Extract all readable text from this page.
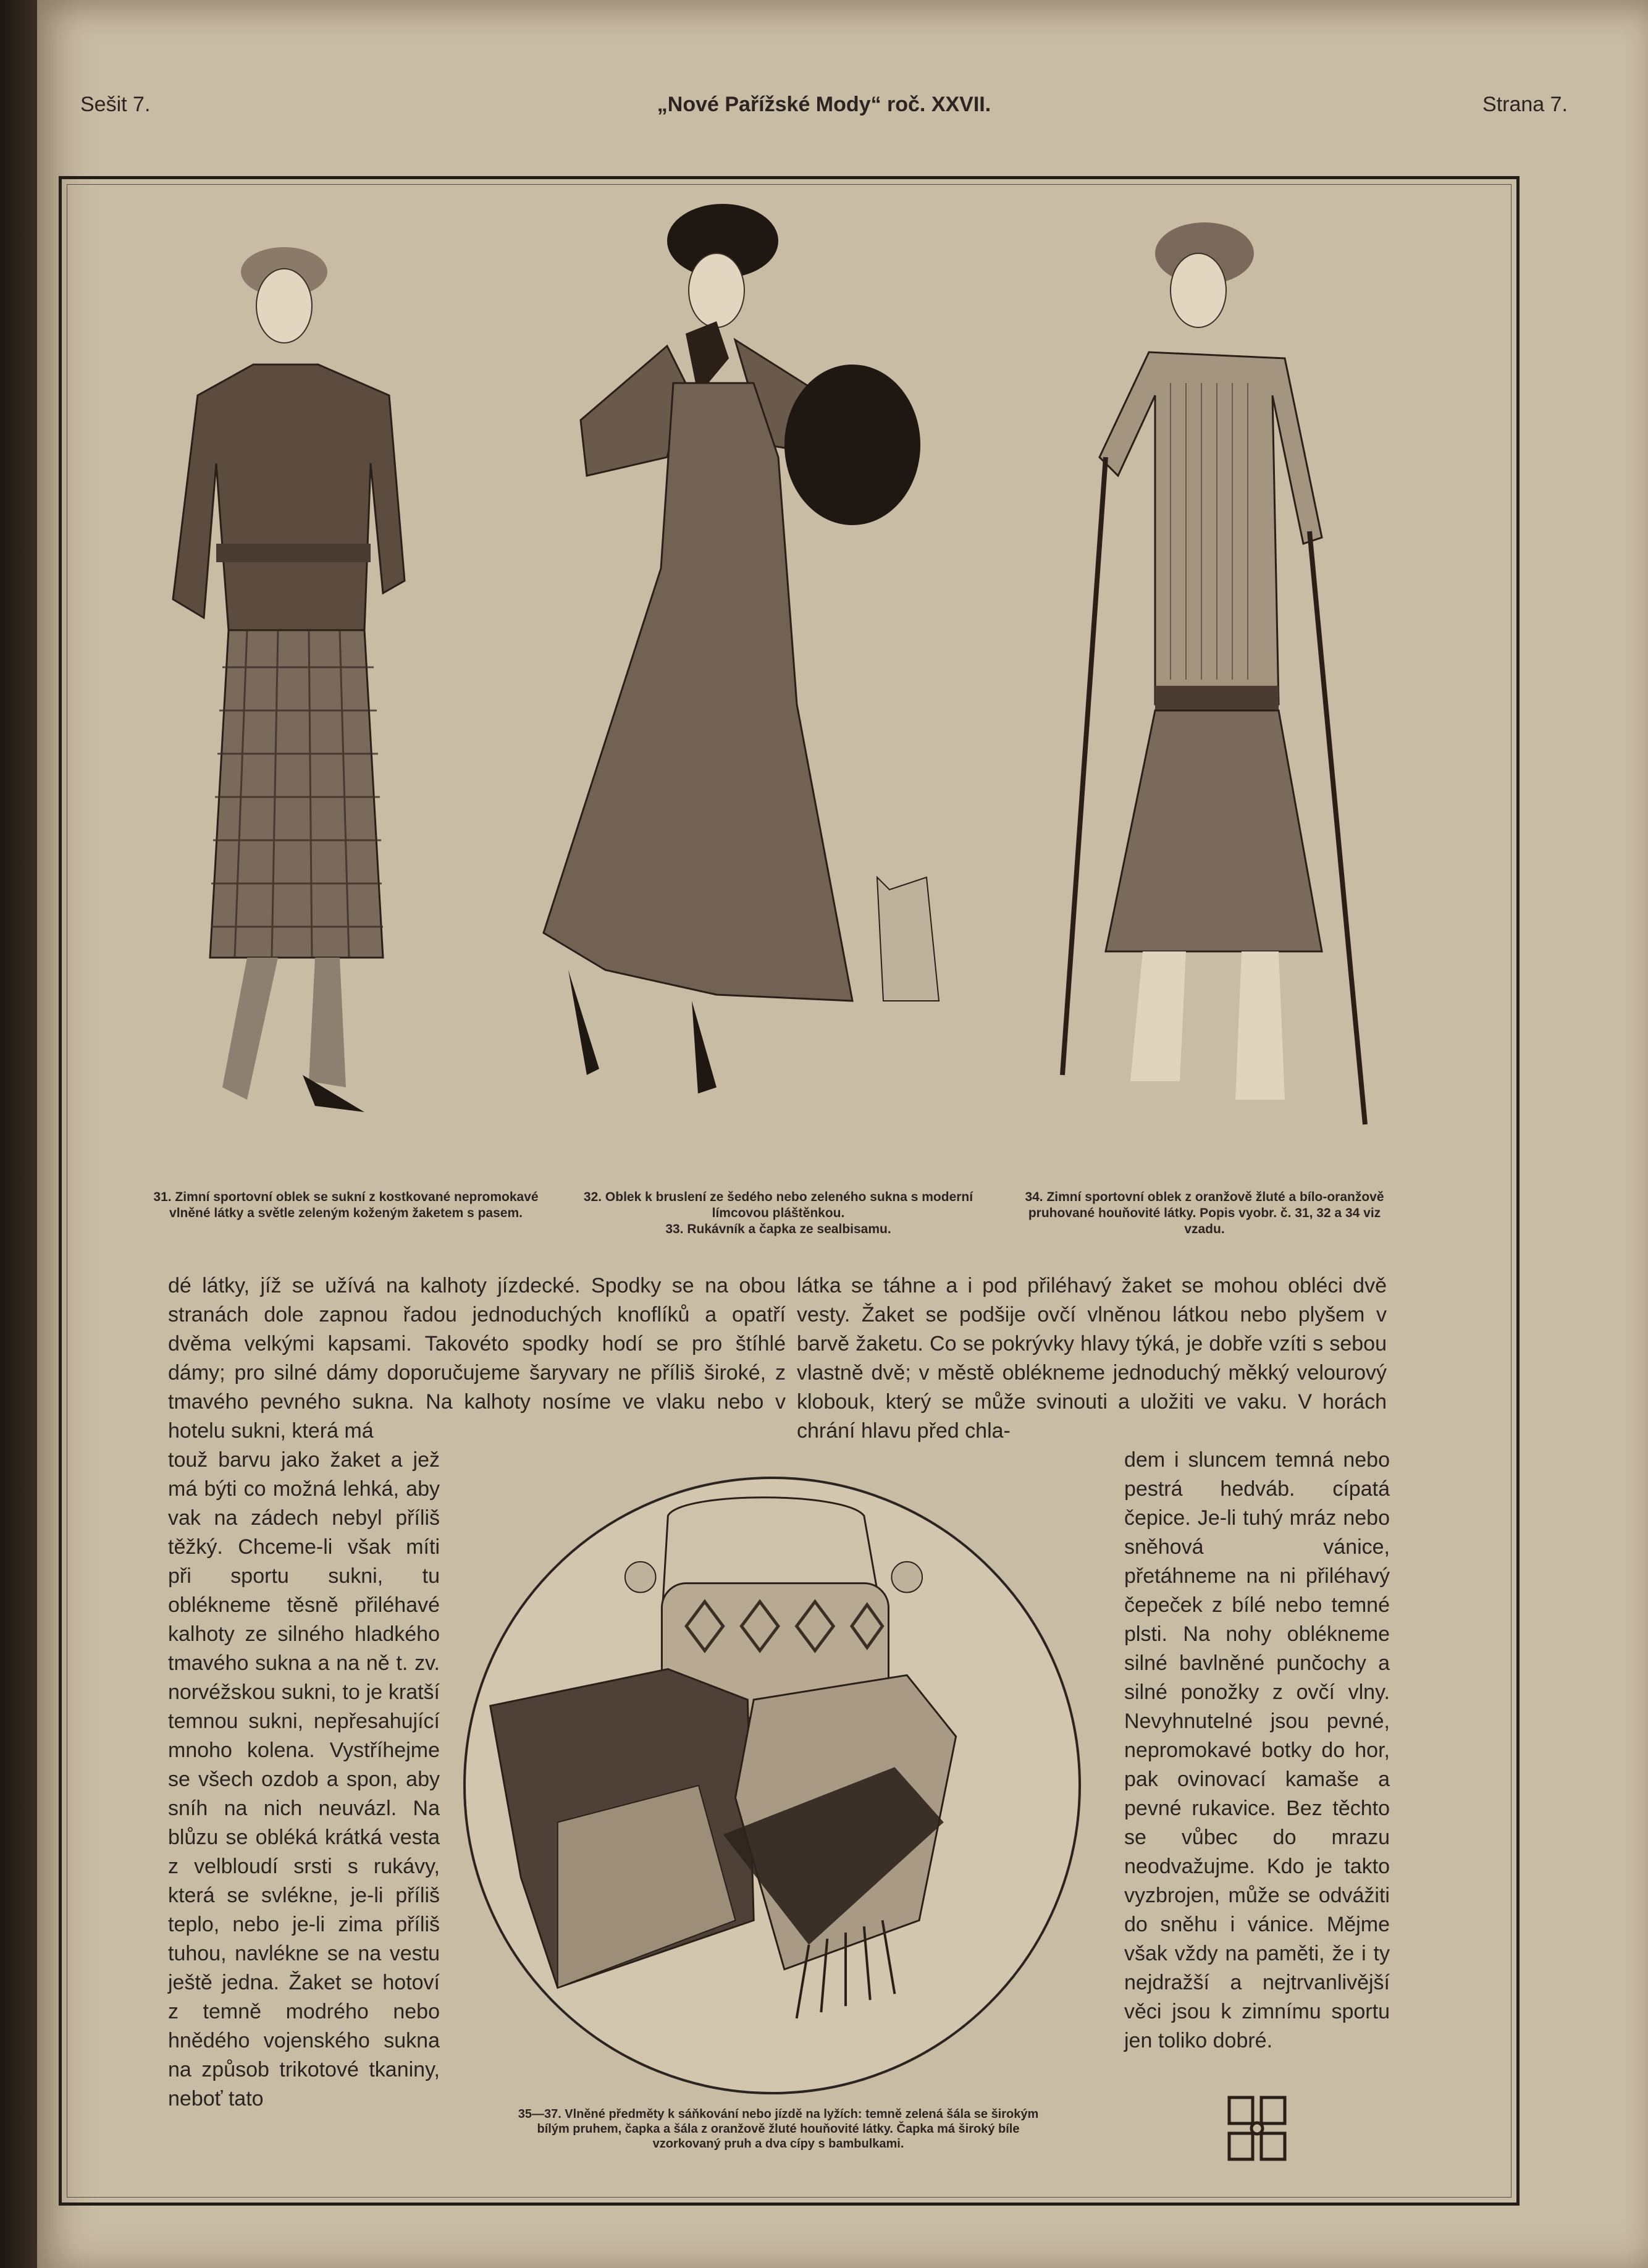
Sešit 7.	„Nové Pařížské Mody“ roč. XXVII.	Strana 7.
31. Zimní sportovní oblek se sukní z kostkované nepromokavé vlněné látky a světle zeleným koženým žaketem s pasem.
32. Oblek k bruslení ze šedého nebo zeleného sukna s moderní límcovou pláštěnkou.
33. Rukávník a čapka ze sealbisamu.
34. Zimní sportovní oblek z oranžově žluté a bílo-oranžově pruhované houňovité látky. Popis vyobr. č. 31, 32 a 34 viz vzadu.

dé látky, jíž se užívá na kalhoty jízdecké. Spodky se na obou stranách dole zapnou řadou jednoduchých knoflíků a opatří dvěma velkými kapsami. Takovéto spodky hodí se pro štíhlé dámy; pro silné dámy doporučujeme šaryvary ne příliš široké, z tmavého pevného sukna. Na kalhoty nosíme ve vlaku nebo v hotelu sukni, která má

touž barvu jako žaket a jež má býti co možná lehká, aby vak na zádech nebyl příliš těžký. Chceme-li však míti při sportu sukni, tu oblékneme těsně přiléhavé kalhoty ze silného hladkého tmavého sukna a na ně t. zv. norvéžskou sukni, to je kratší temnou sukni, nepřesahující mnoho kolena. Vystříhejme se všech ozdob a spon, aby sníh na nich neuvázl. Na blůzu se obléká krátká vesta z velbloudí srsti s rukávy, která se svlékne, je-li příliš teplo, nebo je-li zima příliš tuhou, navlékne se na vestu ještě jedna. Žaket se hotoví z temně modrého nebo hnědého vojenského sukna na způsob trikotové tkaniny, neboť tato

látka se táhne a i pod přiléhavý žaket se mohou obléci dvě vesty. Žaket se podšije ovčí vlněnou látkou nebo plyšem v barvě žaketu. Co se pokrývky hlavy týká, je dobře vzíti s sebou vlastně dvě; v městě oblékneme jednoduchý měkký velourový klobouk, který se může svinouti a uložiti ve vaku. V horách chrání hlavu před chla-

dem i sluncem temná nebo pestrá hedváb. cípatá čepice. Je-li tuhý mráz nebo sněhová vánice, přetáhneme na ni přiléhavý čepeček z bílé nebo temné plsti. Na nohy oblékneme silné bavlněné punčochy a silné ponožky z ovčí vlny. Nevyhnutelné jsou pevné, nepromokavé botky do hor, pak ovinovací kamaše a pevné rukavice. Bez těchto se vůbec do mrazu neodvažujme. Kdo je takto vyzbrojen, může se odvážiti do sněhu i vánice. Mějme však vždy na paměti, že i ty nejdražší a nejtrvanlivější věci jsou k zimnímu sportu jen toliko dobré.

35—37. Vlněné předměty k sáňkování nebo jízdě na lyžích: temně zelená šála se širokým bílým pruhem, čapka a šála z oranžově žluté houňovité látky. Čapka má široký bíle vzorkovaný pruh a dva cípy s bambulkami.
